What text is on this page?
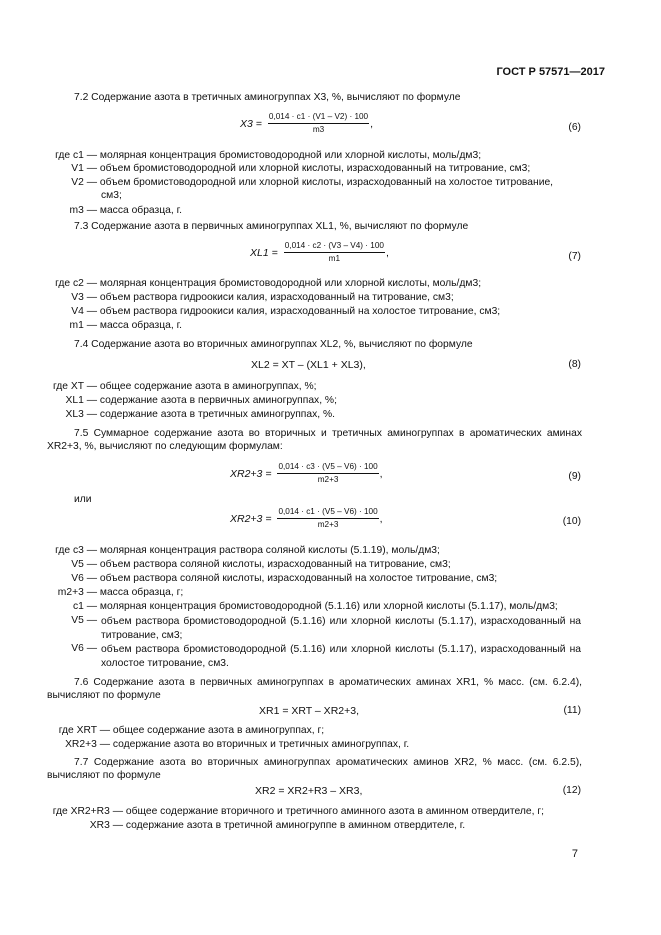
ГОСТ Р 57571—2017
7.2 Содержание азота в третичных аминогруппах X3, %, вычисляют по формуле
$X3 = \frac{0,014 \cdot c1 \cdot (V1 - V2) \cdot 100}{m3}$ ,	(6)
где c1 — молярная концентрация бромистоводородной или хлорной кислоты, моль/дм3;
V1 — объем бромистоводородной или хлорной кислоты, израсходованный на титрование, см3;
V2 — объем бромистоводородной или хлорной кислоты, израсходованный на холостое титрование,
см3;
m3 — масса образца, г.
7.3 Содержание азота в первичных аминогруппах XL1, %, вычисляют по формуле
$XL1 = \frac{0,014 \cdot c2 \cdot (V3 - V4) \cdot 100}{m1}$ ,	(7)
где c2 — молярная концентрация бромистоводородной или хлорной кислоты, моль/дм3;
V3 — объем раствора гидроокиси калия, израсходованный на титрование, см3;
V4 — объем раствора гидроокиси калия, израсходованный на холостое титрование, см3;
m1 — масса образца, г.
7.4 Содержание азота во вторичных аминогруппах XL2, %, вычисляют по формуле
XL2 = XT – (XL1 + XL3),	(8)
где XT — общее содержание азота в аминогруппах, %;
XL1 — содержание азота в первичных аминогруппах, %;
XL3 — содержание азота в третичных аминогруппах, %.
7.5 Суммарное содержание азота во вторичных и третичных аминогруппах в ароматических аминах XR2+3, %, вычисляют по следующим формулам:
$XR2+3 = \frac{0,014 \cdot c3 \cdot (V5 - V6) \cdot 100}{m2+3}$ ,	(9)
или
$XR2+3 = \frac{0,014 \cdot c1 \cdot (V5 - V6) \cdot 100}{m2+3}$ ,	(10)
где c3 — молярная концентрация раствора соляной кислоты (5.1.19), моль/дм3;
V5 — объем раствора соляной кислоты, израсходованный на титрование, см3;
V6 — объем раствора соляной кислоты, израсходованный на холостое титрование, см3;
m2+3 — масса образца, г;
c1 — молярная концентрация бромистоводородной (5.1.16) или хлорной кислоты (5.1.17), моль/дм3;
V5 — объем раствора бромистоводородной (5.1.16) или хлорной кислоты (5.1.17), израсходованный на титрование, см3;
V6 — объем раствора бромистоводородной (5.1.16) или хлорной кислоты (5.1.17), израсходованный на холостое титрование, см3.
7.6 Содержание азота в первичных аминогруппах в ароматических аминах XR1, % масс. (см. 6.2.4), вычисляют по формуле
XR1 = XRT – XR2+3,	(11)
где XRT — общее содержание азота в аминогруппах, г;
XR2+3 — содержание азота во вторичных и третичных аминогруппах, г.
7.7 Содержание азота во вторичных аминогруппах ароматических аминов XR2, % масс. (см. 6.2.5), вычисляют по формуле
XR2 = XR2+R3 – XR3,	(12)
где XR2+R3 — общее содержание вторичного и третичного аминного азота в аминном отвердителе, г;
XR3 — содержание азота в третичной аминогруппе в аминном отвердителе, г.
7
